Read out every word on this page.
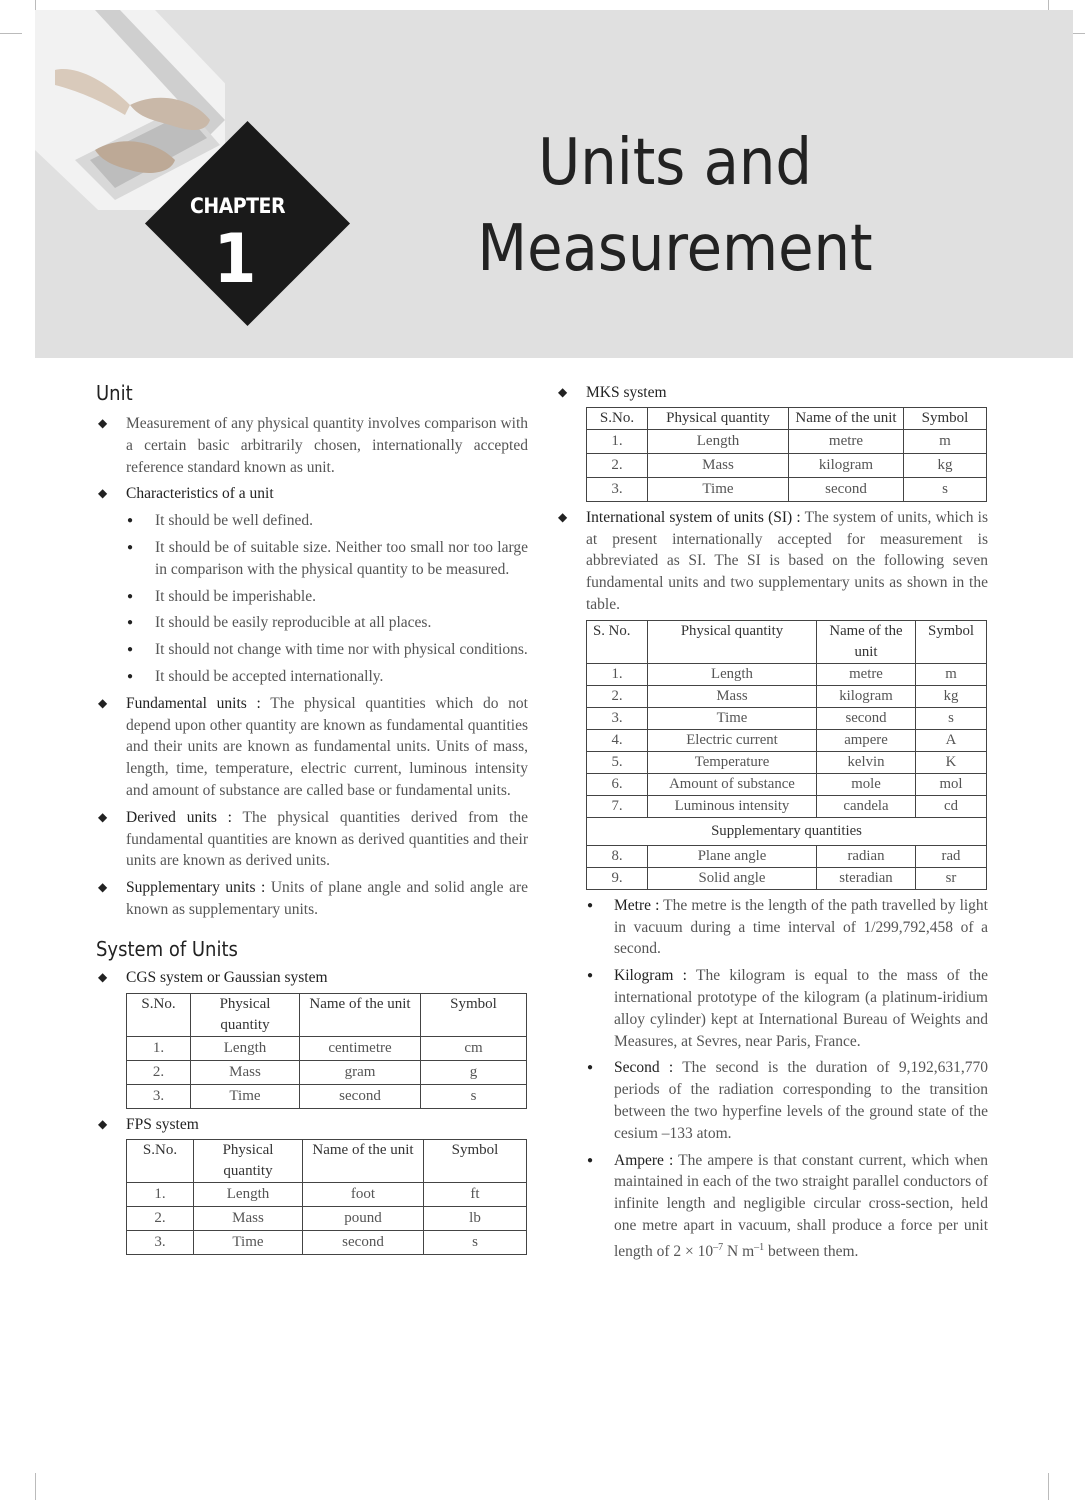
CHAPTER
1
Units and
Measurement
Unit

◆ Measurement of any physical quantity involves comparison with a certain basic arbitrarily chosen, internationally accepted reference standard known as unit.

◆ Characteristics of a unit

● It should be well defined.

● It should be of suitable size. Neither too small nor too large in comparison with the physical quantity to be measured.

● It should be imperishable.

● It should be easily reproducible at all places.

● It should not change with time nor with physical conditions.

● It should be accepted internationally.

◆ Fundamental units : The physical quantities which do not depend upon other quantity are known as fundamental quantities and their units are known as fundamental units. Units of mass, length, time, temperature, electric current, luminous intensity and amount of substance are called base or fundamental units.

◆ Derived units : The physical quantities derived from the fundamental quantities are known as derived quantities and their units are known as derived units.

◆ Supplementary units : Units of plane angle and solid angle are known as supplementary units.

System of Units

◆ CGS system or Gaussian system

S.No.	Physical quantity	Name of the unit	Symbol
1.	Length	centimetre	cm
2.	Mass	gram	g
3.	Time	second	s

◆ FPS system

S.No.	Physical quantity	Name of the unit	Symbol
1.	Length	foot	ft
2.	Mass	pound	lb
3.	Time	second	s

◆ MKS system

S.No.	Physical quantity	Name of the unit	Symbol
1.	Length	metre	m
2.	Mass	kilogram	kg
3.	Time	second	s

◆ International system of units (SI) : The system of units, which is at present internationally accepted for measurement is abbreviated as SI. The SI is based on the following seven fundamental units and two supplementary units as shown in the table.

S. No.	Physical quantity	Name of the unit	Symbol
1.	Length	metre	m
2.	Mass	kilogram	kg
3.	Time	second	s
4.	Electric current	ampere	A
5.	Temperature	kelvin	K
6.	Amount of substance	mole	mol
7.	Luminous intensity	candela	cd
Supplementary quantities			
8.	Plane angle	radian	rad
9.	Solid angle	steradian	sr

● Metre : The metre is the length of the path travelled by light in vacuum during a time interval of 1/299,792,458 of a second.

● Kilogram : The kilogram is equal to the mass of the international prototype of the kilogram (a platinum-iridium alloy cylinder) kept at International Bureau of Weights and Measures, at Sevres, near Paris, France.

● Second : The second is the duration of 9,192,631,770 periods of the radiation corresponding to the transition between the two hyperfine levels of the ground state of the cesium –133 atom.

● Ampere : The ampere is that constant current, which when maintained in each of the two straight parallel conductors of infinite length and negligible circular cross-section, held one metre apart in vacuum, shall produce a force per unit length of $2 \times 10^{-7}$ N $m^{-1}$ between them.
